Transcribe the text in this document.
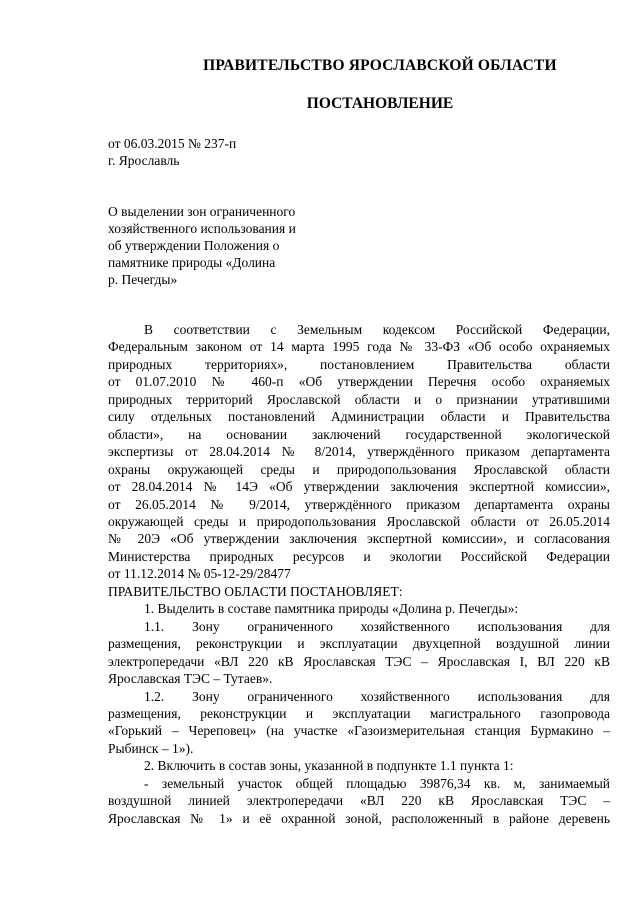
ПРАВИТЕЛЬСТВО ЯРОСЛАВСКОЙ ОБЛАСТИ
ПОСТАНОВЛЕНИЕ
от 06.03.2015 № 237-п
г. Ярославль
О выделении зон ограниченного
хозяйственного использования и
об утверждении Положения о
памятнике природы «Долина
р. Печегды»

В соответствии с Земельным кодексом Российской Федерации,

Федеральным законом от 14 марта 1995 года № 33-ФЗ «Об особо охраняемых

природных территориях», постановлением Правительства области

от 01.07.2010 № 460-п «Об утверждении Перечня особо охраняемых

природных территорий Ярославской области и о признании утратившими

силу отдельных постановлений Администрации области и Правительства

области», на основании заключений государственной экологической

экспертизы от 28.04.2014 № 8/2014, утверждённого приказом департамента

охраны окружающей среды и природопользования Ярославской области

от 28.04.2014 № 14Э «Об утверждении заключения экспертной комиссии»,

от 26.05.2014 № 9/2014, утверждённого приказом департамента охраны

окружающей среды и природопользования Ярославской области от 26.05.2014

№ 20Э «Об утверждении заключения экспертной комиссии», и согласования

Министерства природных ресурсов и экологии Российской Федерации

от 11.12.2014 № 05-12-29/28477

ПРАВИТЕЛЬСТВО ОБЛАСТИ ПОСТАНОВЛЯЕТ:

1. Выделить в составе памятника природы «Долина р. Печегды»:

1.1. Зону ограниченного хозяйственного использования для

размещения, реконструкции и эксплуатации двухцепной воздушной линии

электропередачи «ВЛ 220 кВ Ярославская ТЭС – Ярославская I, ВЛ 220 кВ

Ярославская ТЭС – Тутаев».

1.2. Зону ограниченного хозяйственного использования для

размещения, реконструкции и эксплуатации магистрального газопровода

«Горький – Череповец» (на участке «Газоизмерительная станция Бурмакино –

Рыбинск – 1»).

2. Включить в состав зоны, указанной в подпункте 1.1 пункта 1:

- земельный участок общей площадью 39876,34 кв. м, занимаемый

воздушной линией электропередачи «ВЛ 220 кВ Ярославская ТЭС –

Ярославская № 1» и её охранной зоной, расположенный в районе деревень
